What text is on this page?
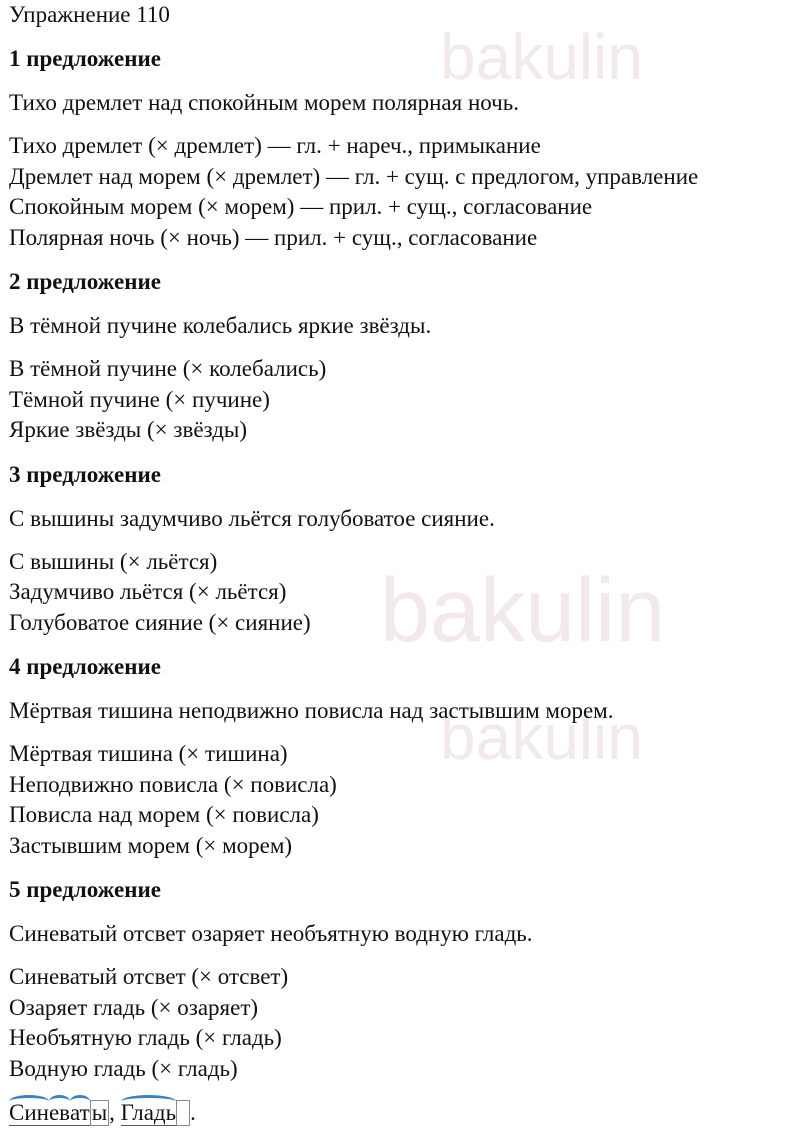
bakulin
bakulin
bakulin
Упражнение 110
1 предложение
Тихо дремлет над спокойным морем полярная ночь.
Тихо дремлет (× дремлет) — гл. + нареч., примыкание
Дремлет над морем (× дремлет) — гл. + сущ. с предлогом, управление
Спокойным морем (× морем) — прил. + сущ., согласование
Полярная ночь (× ночь) — прил. + сущ., согласование
2 предложение
В тёмной пучине колебались яркие звёзды.
В тёмной пучине (× колебались)
Тёмной пучине (× пучине)
Яркие звёзды (× звёзды)
3 предложение
С вышины задумчиво льётся голубоватое сияние.
С вышины (× льётся)
Задумчиво льётся (× льётся)
Голубоватое сияние (× сияние)
4 предложение
Мёртвая тишина неподвижно повисла над застывшим морем.
Мёртвая тишина (× тишина)
Неподвижно повисла (× повисла)
Повисла над морем (× повисла)
Застывшим морем (× морем)
5 предложение
Синеватый отсвет озаряет необъятную водную гладь.
Синеватый отсвет (× отсвет)
Озаряет гладь (× озаряет)
Необъятную гладь (× гладь)
Водную гладь (× гладь)
Синеваты, Гладь .
